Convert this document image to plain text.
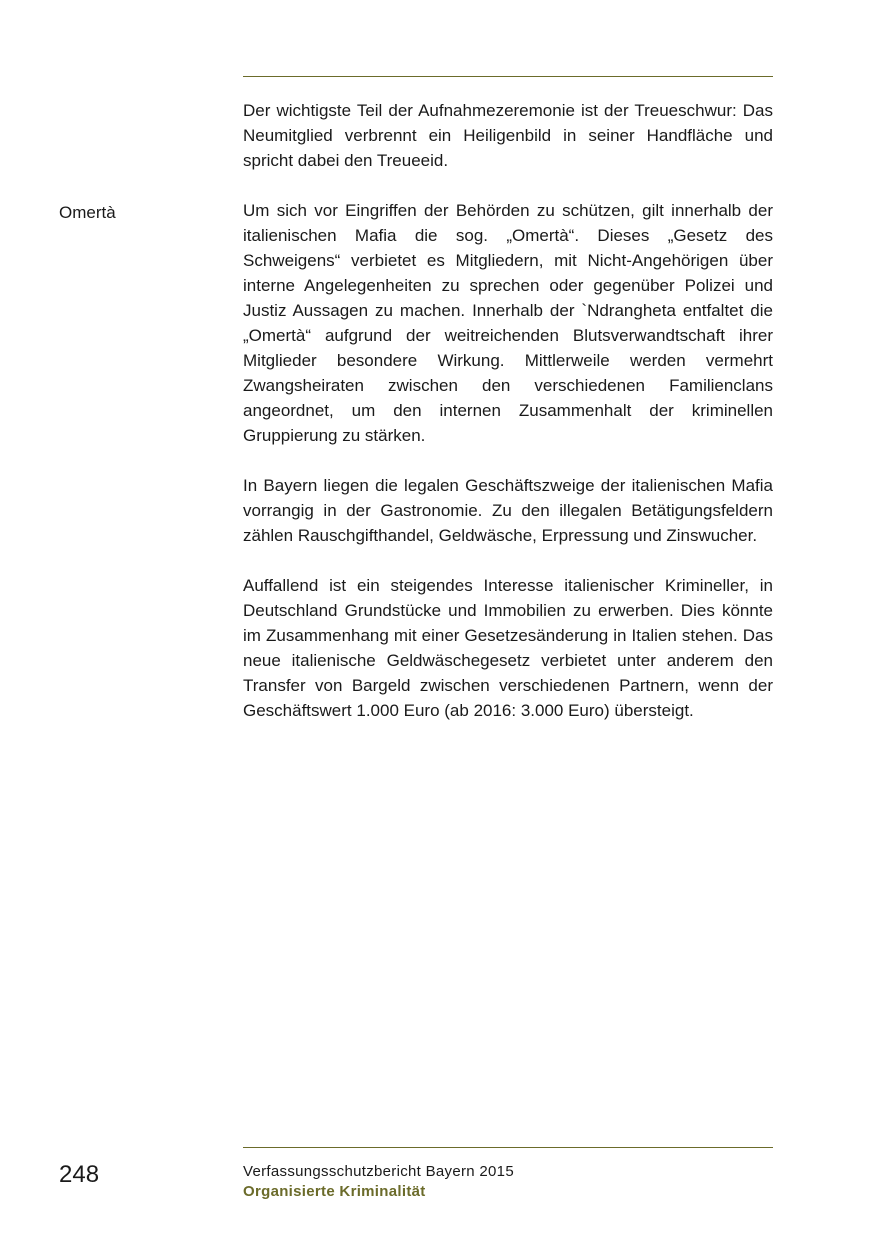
Omertà

Der wichtigste Teil der Aufnahmezeremonie ist der Treueschwur: Das Neumitglied verbrennt ein Heiligenbild in seiner Handfläche und spricht dabei den Treueeid.

Um sich vor Eingriffen der Behörden zu schützen, gilt innerhalb der italienischen Mafia die sog. „Omertà“. Dieses „Gesetz des Schweigens“ verbietet es Mitgliedern, mit Nicht-Angehörigen über interne Angelegenheiten zu sprechen oder gegenüber Polizei und Justiz Aussagen zu machen. Innerhalb der `Ndrangheta entfaltet die „Omertà“ aufgrund der weitreichenden Blutsverwandtschaft ihrer Mitglieder besondere Wirkung. Mittlerweile werden vermehrt Zwangsheiraten zwischen den verschiedenen Familienclans angeordnet, um den internen Zusammenhalt der kriminellen Gruppierung zu stärken.

In Bayern liegen die legalen Geschäftszweige der italienischen Mafia vorrangig in der Gastronomie. Zu den illegalen Betätigungsfeldern zählen Rauschgifthandel, Geldwäsche, Erpressung und Zinswucher.

Auffallend ist ein steigendes Interesse italienischer Krimineller, in Deutschland Grundstücke und Immobilien zu erwerben. Dies könnte im Zusammenhang mit einer Gesetzesänderung in Italien stehen. Das neue italienische Geldwäschegesetz verbietet unter anderem den Transfer von Bargeld zwischen verschiedenen Partnern, wenn der Geschäftswert 1.000 Euro (ab 2016: 3.000 Euro) übersteigt.

248	Verfassungsschutzbericht Bayern 2015
Organisierte Kriminalität
